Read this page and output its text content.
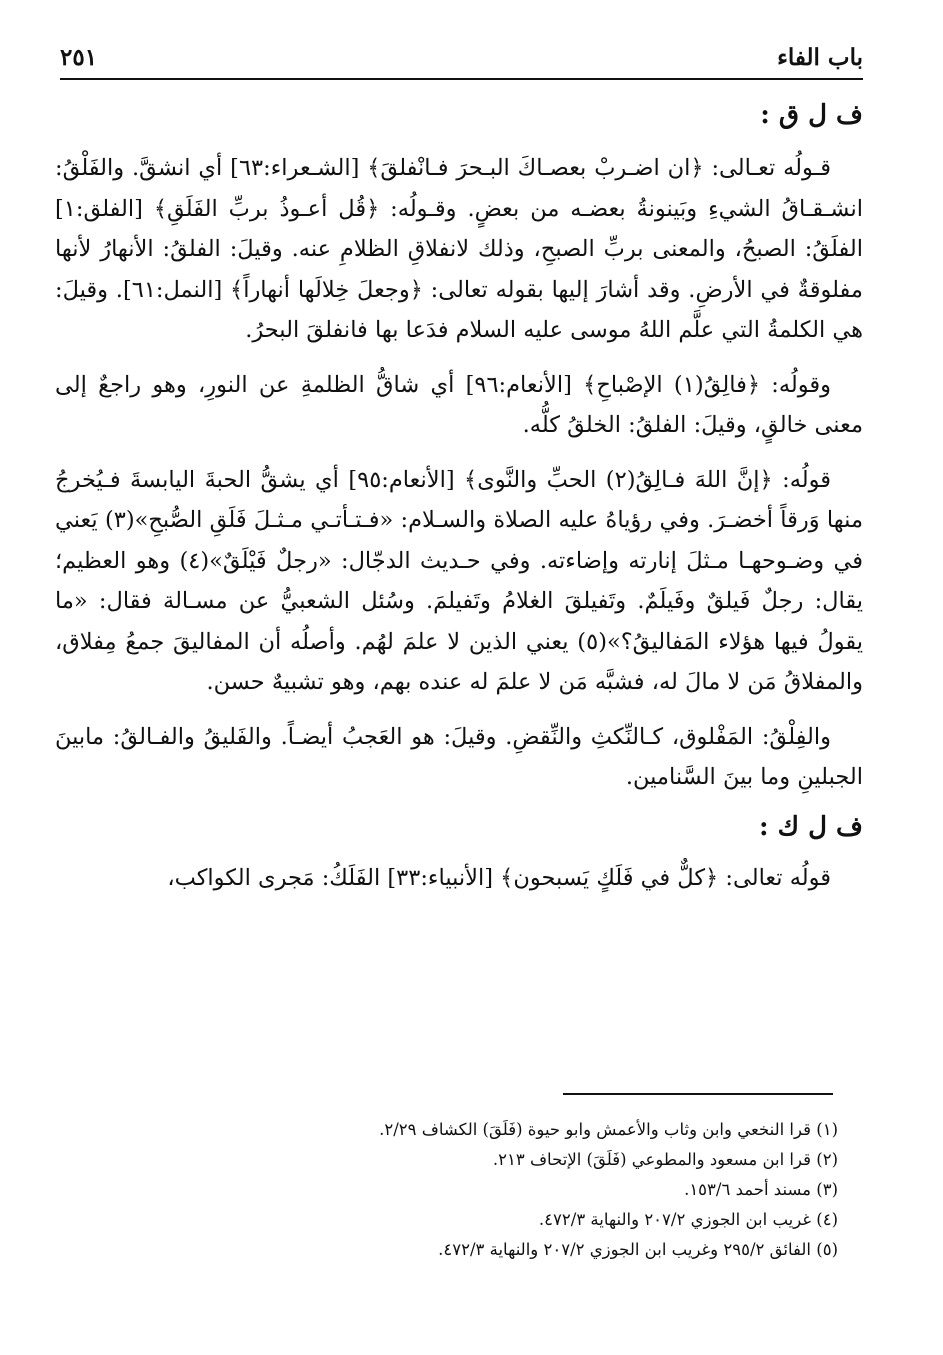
باب الفاء
٢٥١
ف ل ق :

قـولُه تعـالى: ﴿ان اضـربْ بعصـاكَ البـحرَ فـانْفلقَ﴾ [الشـعراء:٦٣] أي انشقَّ. والفَلْقُ: انشـقـاقُ الشيءِ وبَينونةُ بعضـه من بعضٍ. وقـولُه: ﴿قُل أعـوذُ بربِّ الفَلَقِ﴾ [الفلق:١] الفلَقُ: الصبحُ، والمعنى بربِّ الصبحِ، وذلك لانفلاقِ الظلامِ عنه. وقيلَ: الفلقُ: الأنهارُ لأنها مفلوقةٌ في الأرضِ. وقد أشارَ إليها بقوله تعالى: ﴿وجعلَ خِلالَها أنهاراً﴾ [النمل:٦١]. وقيلَ: هي الكلمةُ التي علَّم اللهُ موسى عليه السلام فدَعا بها فانفلقَ البحرُ.

وقولُه: ﴿فالِقُ(١) الإصْباحِ﴾ [الأنعام:٩٦] أي شاقُّ الظلمةِ عن النورِ، وهو راجعٌ إلى معنى خالقٍ، وقيلَ: الفلقُ: الخلقُ كلُّه.

قولُه: ﴿إنَّ اللهَ فـالِقُ(٢) الحبِّ والنَّوى﴾ [الأنعام:٩٥] أي يشقُّ الحبةَ اليابسةَ فـيُخرجُ منها وَرقاً أخضـرَ. وفي رؤياهُ عليه الصلاة والسـلام: «فـتـأتـي مـثـلَ فَلَقِ الصُّبحِ»(٣) يَعني في وضـوحهـا مـثلَ إنارته وإضاءته. وفي حـديث الدجّال: «رجلٌ فَيْلَقٌ»(٤) وهو العظيم؛ يقال: رجلٌ فَيلقٌ وفَيلَمٌ. وتَفيلقَ الغلامُ وتَفيلمَ. وسُئل الشعبيُّ عن مسـالة فقال: «ما يقولُ فيها هؤلاء المَفاليقُ؟»(٥) يعني الذين لا علمَ لهُم. وأصلُه أن المفاليقَ جمعُ مِفلاق، والمفلاقُ مَن لا مالَ له، فشبَّه مَن لا علمَ له عنده بهم، وهو تشبيهٌ حسن.

والفِلْقُ: المَفْلوق، كـالنِّكثِ والنِّقضِ. وقيلَ: هو العَجبُ أيضـاً. والفَليقُ والفـالقُ: مابينَ الجبلينِ وما بينَ السَّنامين.

ف ل ك :

قولُه تعالى: ﴿كلٌّ في فَلَكٍ يَسبحون﴾ [الأنبياء:٣٣] الفَلَكُ: مَجرى الكواكب،

(١) قرا النخعي وابن وثاب والأعمش وابو حيوة (فَلَقَ) الكشاف ٢/٢٩.
(٢) قرا ابن مسعود والمطوعي (فَلَقَ) الإتحاف ٢١٣.
(٣) مسند أحمد ١٥٣/٦.
(٤) غريب ابن الجوزي ٢٠٧/٢ والنهاية ٤٧٢/٣.
(٥) الفائق ٢٩٥/٢ وغريب ابن الجوزي ٢٠٧/٢ والنهاية ٤٧٢/٣.
